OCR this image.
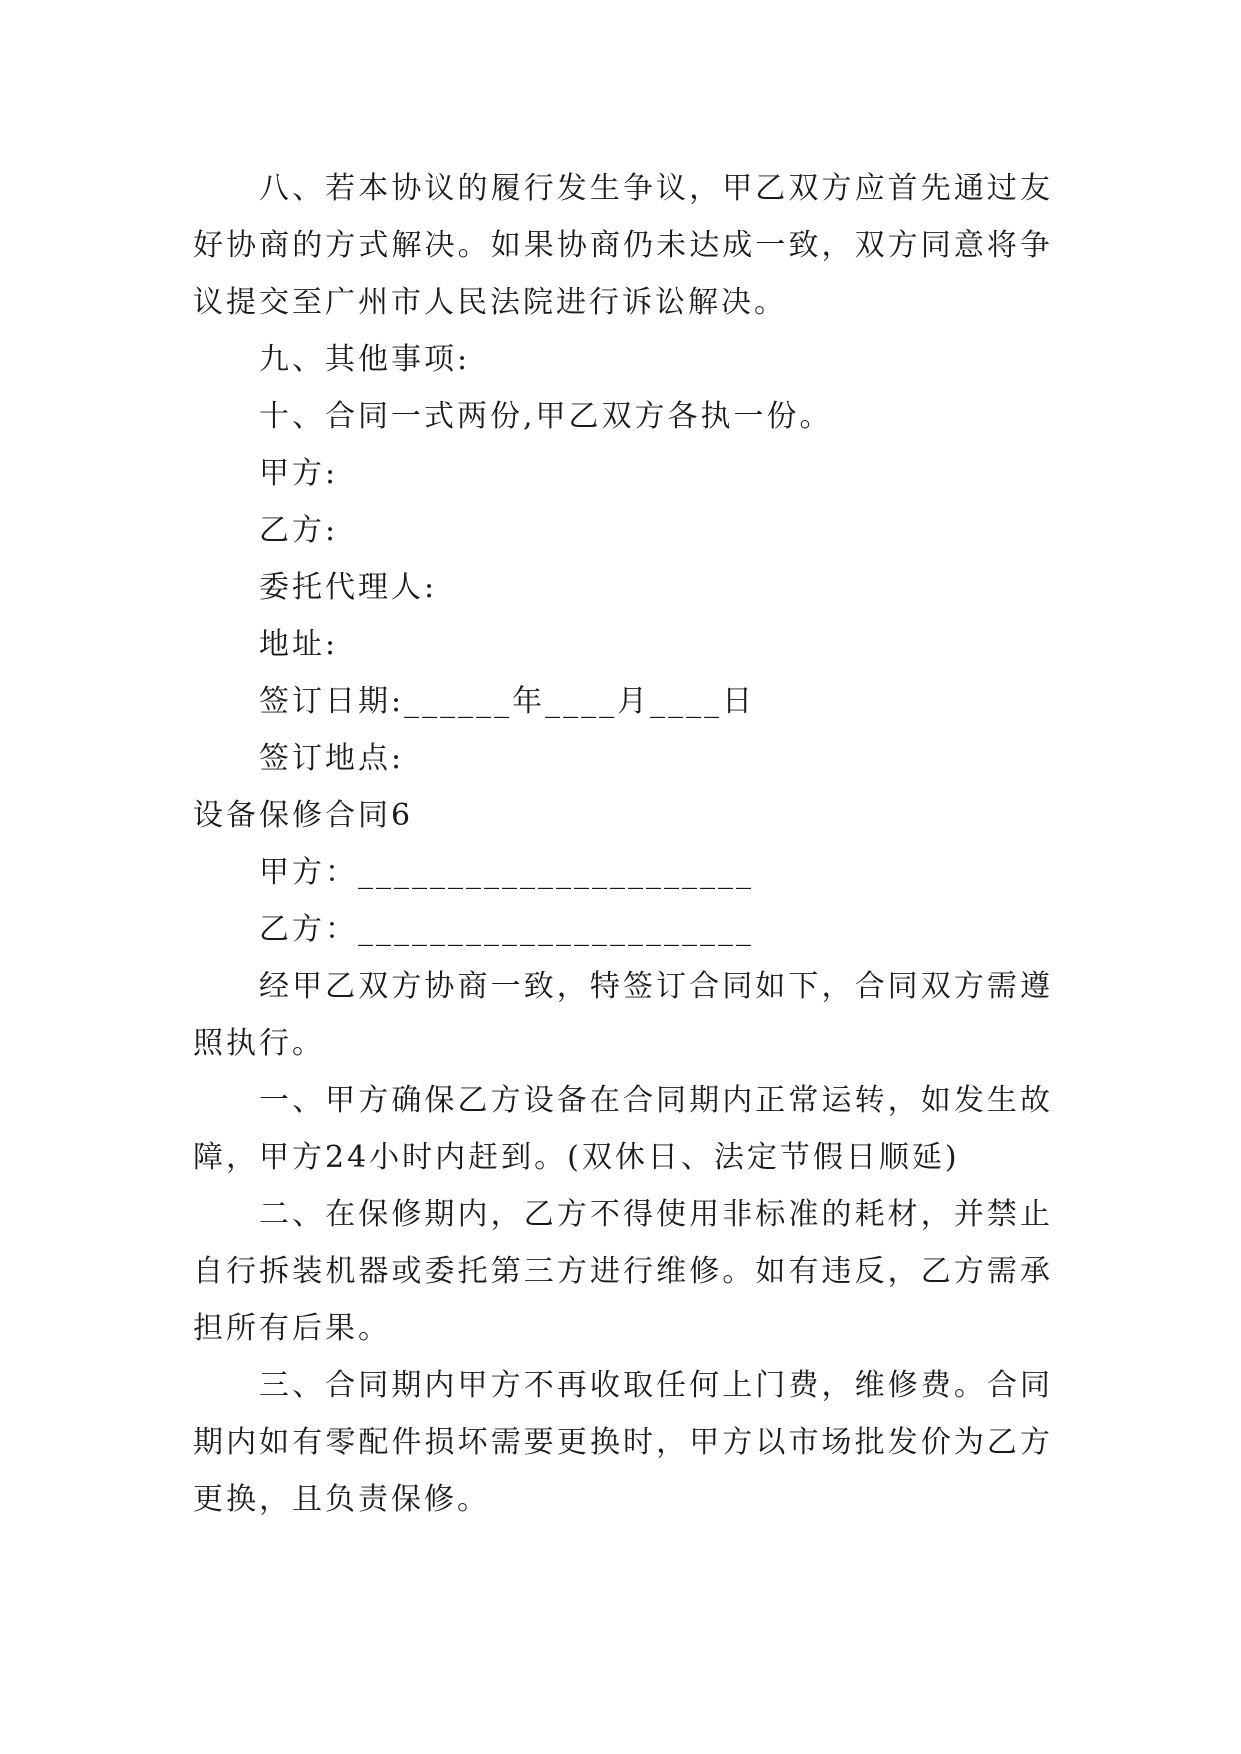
八、若本协议的履行发生争议，甲乙双方应首先通过友好协商的方式解决。如果协商仍未达成一致，双方同意将争议提交至广州市人民法院进行诉讼解决。

九、其他事项:

十、合同一式两份,甲乙双方各执一份。

甲方:

乙方:

委托代理人:

地址:

签订日期:______年____月____日

签订地点:

设备保修合同6

甲方：______________________

乙方：______________________

经甲乙双方协商一致，特签订合同如下，合同双方需遵照执行。

一、甲方确保乙方设备在合同期内正常运转，如发生故障，甲方24小时内赶到。(双休日、法定节假日顺延)

二、在保修期内，乙方不得使用非标准的耗材，并禁止自行拆装机器或委托第三方进行维修。如有违反，乙方需承担所有后果。

三、合同期内甲方不再收取任何上门费，维修费。合同期内如有零配件损坏需要更换时，甲方以市场批发价为乙方更换，且负责保修。
